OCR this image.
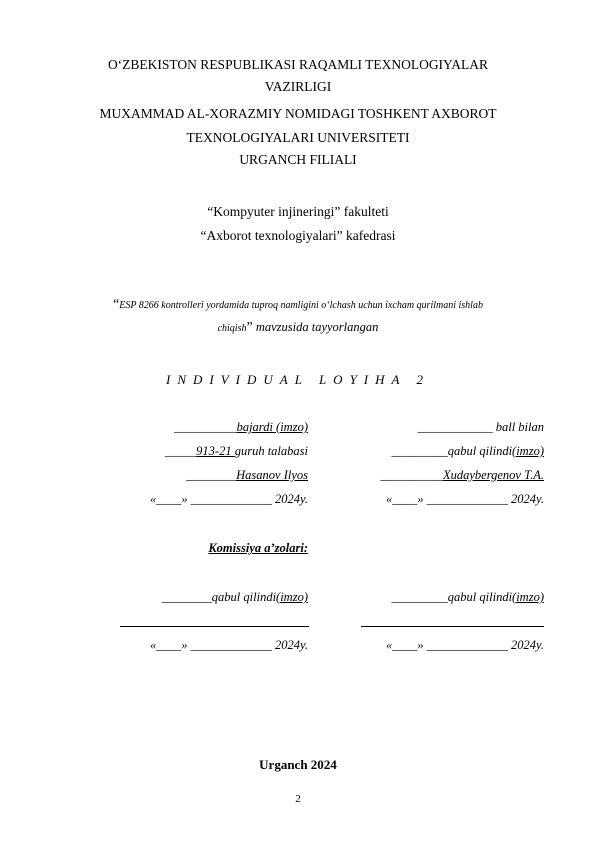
O‘ZBEKISTON RESPUBLIKASI RAQAMLI TEXNOLOGIYALAR
VAZIRLIGI
MUXAMMAD AL-XORAZMIY NOMIDAGI TOSHKENT AXBOROT
TEXNOLOGIYALARI UNIVERSITETI
URGANCH FILIALI
“Kompyuter injineringi” fakulteti
“Axborot texnologiyalari” kafedrasi
“ESP 8266 kontrolleri yordamida tuproq namligini o‘lchash uchun ixcham qurilmani ishlab
chiqish” mavzusida tayyorlangan
INDIVIDUAL LOYIHA 2
__________bajardi (imzo)
_____913-21 guruh talabasi
________Hasanov Ilyos
«____» _____________ 2024y.
____________ ball bilan
_________qabul qilindi(imzo)
__________Xudaybergenov T.A.
«____» _____________ 2024y.
Komissiya a’zolari:
________qabul qilindi(imzo)	_________qabul qilindi(imzo)
«____» _____________ 2024y.	«____» _____________ 2024y.
Urganch 2024
2
